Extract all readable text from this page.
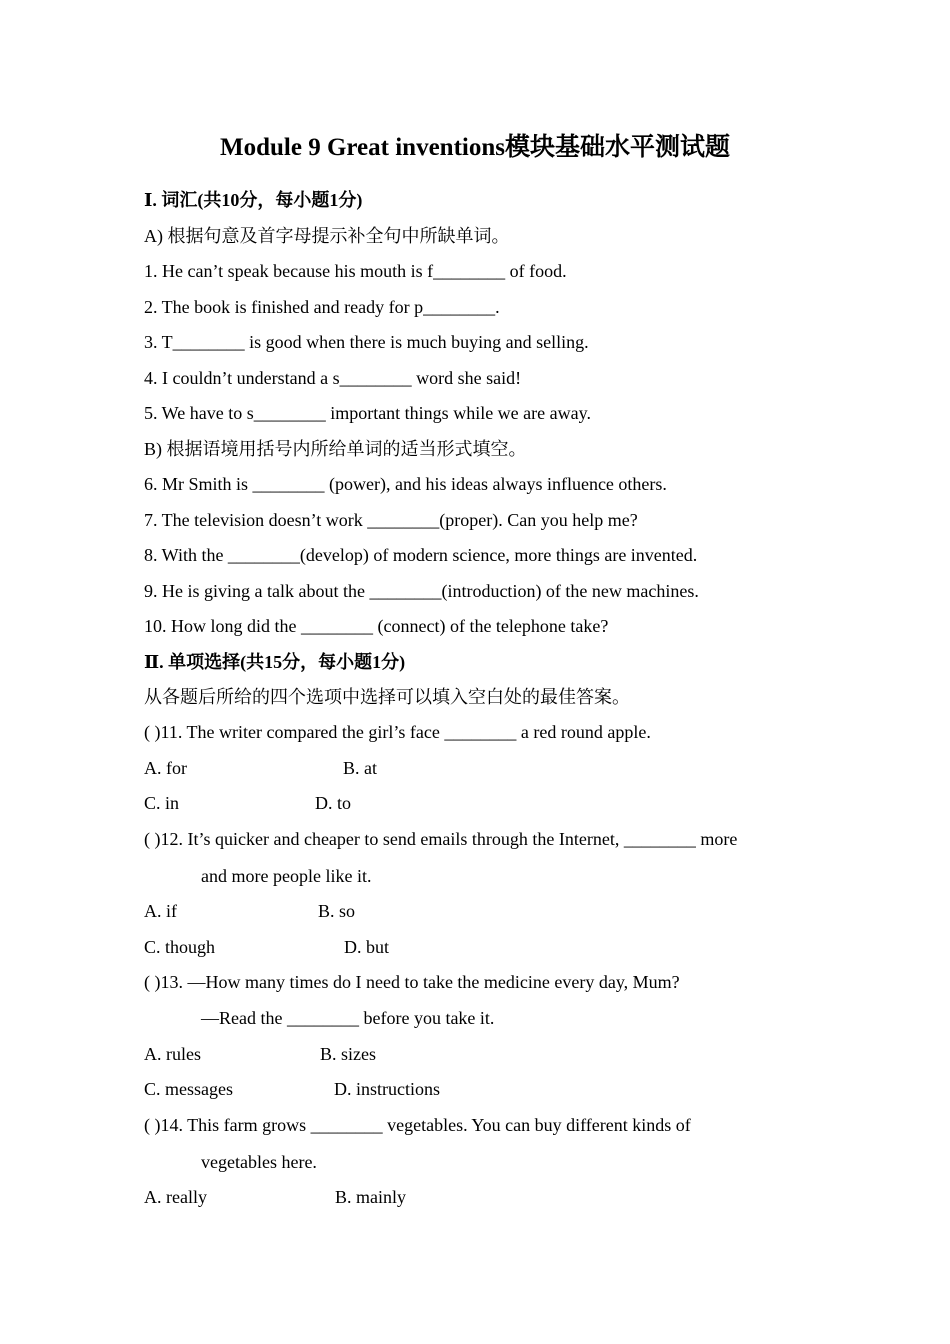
Module 9 Great inventions模块基础水平测试题
Ⅰ. 词汇(共10分，每小题1分)
A) 根据句意及首字母提示补全句中所缺单词。
1. He can’t speak because his mouth is f________ of food.
2. The book is finished and ready for p________.
3. T________ is good when there is much buying and selling.
4. I couldn’t understand a s________ word she said!
5. We have to s________ important things while we are away.
B) 根据语境用括号内所给单词的适当形式填空。
6. Mr Smith is ________ (power), and his ideas always influence others.
7. The television doesn’t work ________(proper). Can you help me?
8. With the ________(develop) of modern science, more things are invented.
9. He is giving a talk about the ________(introduction) of the new machines.
10. How long did the ________ (connect) of the telephone take?
Ⅱ. 单项选择(共15分，每小题1分)
从各题后所给的四个选项中选择可以填入空白处的最佳答案。
( )11. The writer compared the girl’s face ________ a red round apple.
A. for	B. at
C. in	D. to
( )12. It’s quicker and cheaper to send emails through the Internet, ________ more
and more people like it.
A. if	B. so
C. though	D. but
( )13. —How many times do I need to take the medicine every day, Mum?
—Read the ________ before you take it.
A. rules	B. sizes
C. messages	D. instructions
( )14. This farm grows ________ vegetables. You can buy different kinds of
vegetables here.
A. really	B. mainly
